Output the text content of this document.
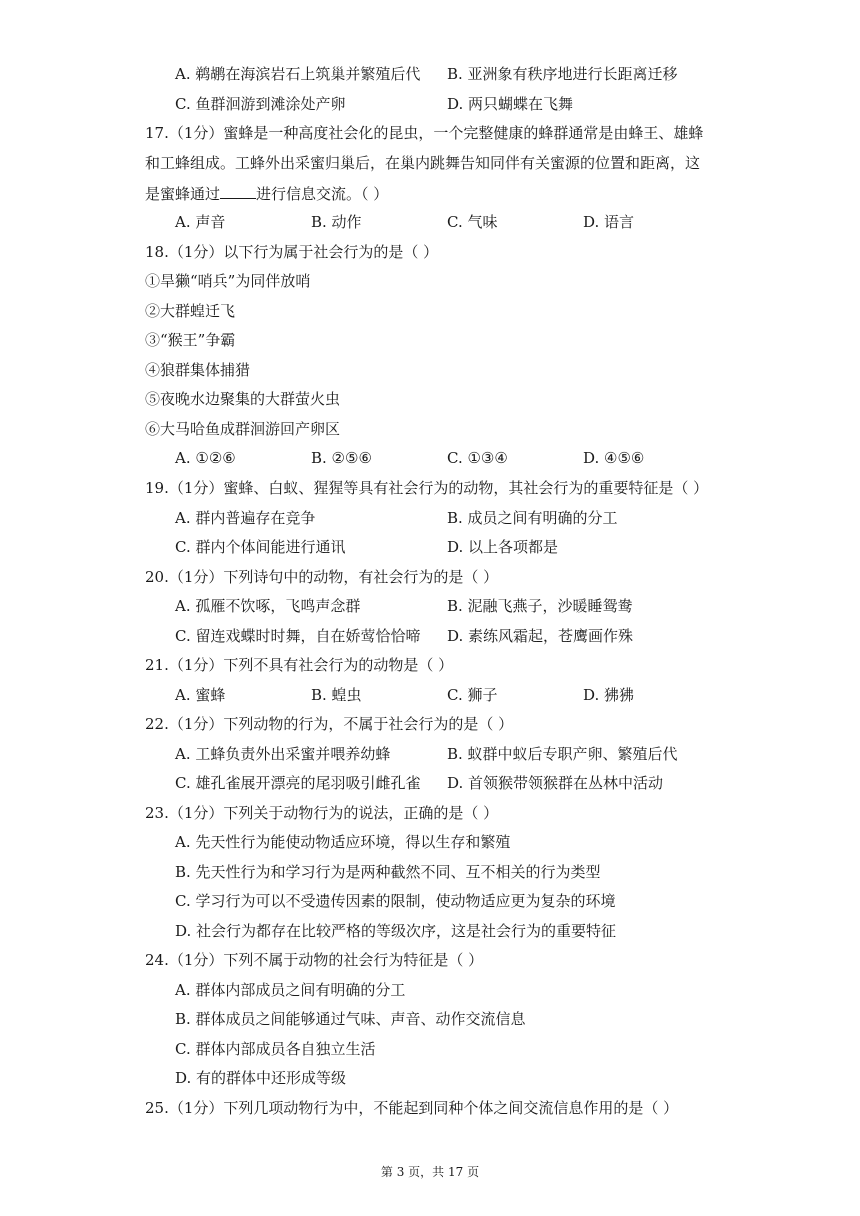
A. 鹈鹕在海滨岩石上筑巢并繁殖后代 B. 亚洲象有秩序地进行长距离迁移
C. 鱼群洄游到滩涂处产卵	D. 两只蝴蝶在飞舞
17.（1分）蜜蜂是一种高度社会化的昆虫，一个完整健康的蜂群通常是由蜂王、雄蜂
和工蜂组成。工蜂外出采蜜归巢后，在巢内跳舞告知同伴有关蜜源的位置和距离，这
是蜜蜂通过 进行信息交流。（ ）
A. 声音	B. 动作	C. 气味	D. 语言
18.（1分）以下行为属于社会行为的是（ ）
①旱獭“哨兵”为同伴放哨
②大群蝗迁飞
③“猴王”争霸
④狼群集体捕猎
⑤夜晚水边聚集的大群萤火虫
⑥大马哈鱼成群洄游回产卵区
A. ①②⑥	B. ②⑤⑥	C. ①③④	D. ④⑤⑥
19.（1分）蜜蜂、白蚁、猩猩等具有社会行为的动物，其社会行为的重要特征是（ ）
A. 群内普遍存在竞争	B. 成员之间有明确的分工
C. 群内个体间能进行通讯	D. 以上各项都是
20.（1分）下列诗句中的动物，有社会行为的是（ ）
A. 孤雁不饮啄，飞鸣声念群	B. 泥融飞燕子，沙暖睡鸳鸯
C. 留连戏蝶时时舞，自在娇莺恰恰啼 D. 素练风霜起，苍鹰画作殊
21.（1分）下列不具有社会行为的动物是（ ）
A. 蜜蜂	B. 蝗虫	C. 狮子	D. 狒狒
22.（1分）下列动物的行为，不属于社会行为的是（ ）
A. 工蜂负责外出采蜜并喂养幼蜂	B. 蚁群中蚁后专职产卵、繁殖后代
C. 雄孔雀展开漂亮的尾羽吸引雌孔雀 D. 首领猴带领猴群在丛林中活动
23.（1分）下列关于动物行为的说法，正确的是（ ）
A. 先天性行为能使动物适应环境，得以生存和繁殖
B. 先天性行为和学习行为是两种截然不同、互不相关的行为类型
C. 学习行为可以不受遗传因素的限制，使动物适应更为复杂的环境
D. 社会行为都存在比较严格的等级次序，这是社会行为的重要特征
24.（1分）下列不属于动物的社会行为特征是（ ）
A. 群体内部成员之间有明确的分工
B. 群体成员之间能够通过气味、声音、动作交流信息
C. 群体内部成员各自独立生活
D. 有的群体中还形成等级
25.（1分）下列几项动物行为中，不能起到同种个体之间交流信息作用的是（ ）
第 3 页，共 17 页
